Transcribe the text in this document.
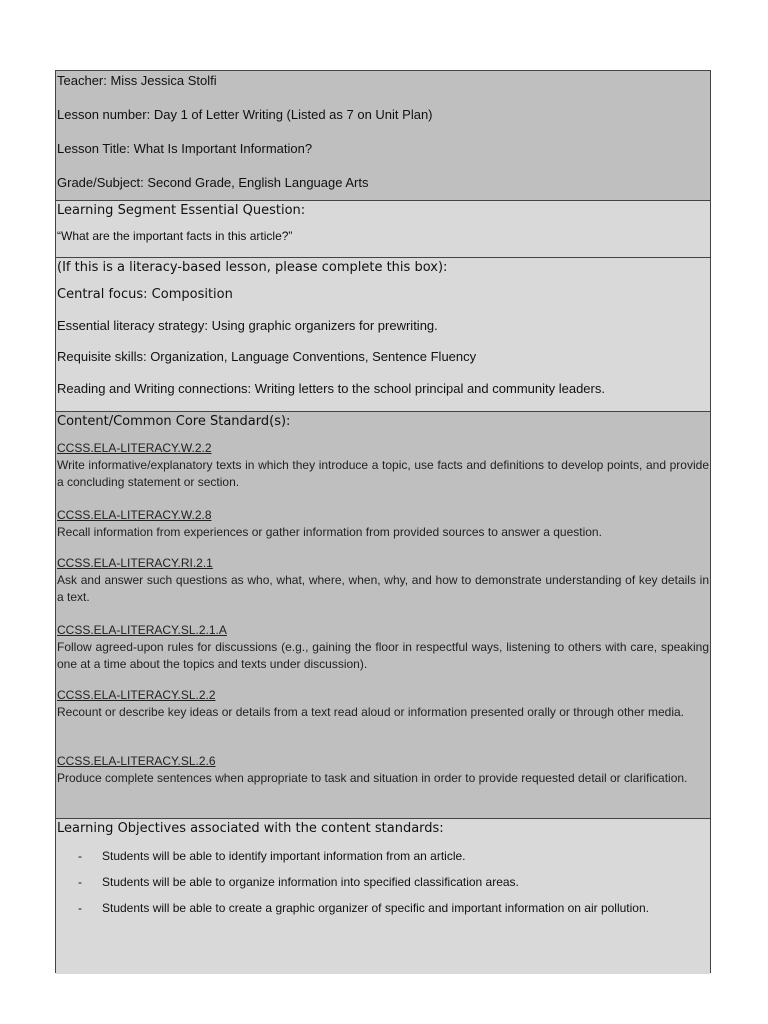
Teacher: Miss Jessica Stolfi
Lesson number: Day 1 of Letter Writing (Listed as 7 on Unit Plan)
Lesson Title: What Is Important Information?
Grade/Subject: Second Grade, English Language Arts
Learning Segment Essential Question:
“What are the important facts in this article?”
(If this is a literacy-based lesson, please complete this box):
Central focus: Composition
Essential literacy strategy: Using graphic organizers for prewriting.
Requisite skills: Organization, Language Conventions, Sentence Fluency
Reading and Writing connections: Writing letters to the school principal and community leaders.
Content/Common Core Standard(s):
CCSS.ELA-LITERACY.W.2.2
Write informative/explanatory texts in which they introduce a topic, use facts and definitions to develop points, and provide a concluding statement or section.
CCSS.ELA-LITERACY.W.2.8
Recall information from experiences or gather information from provided sources to answer a question.
CCSS.ELA-LITERACY.RI.2.1
Ask and answer such questions as who, what, where, when, why, and how to demonstrate understanding of key details in a text.
CCSS.ELA-LITERACY.SL.2.1.A
Follow agreed-upon rules for discussions (e.g., gaining the floor in respectful ways, listening to others with care, speaking one at a time about the topics and texts under discussion).
CCSS.ELA-LITERACY.SL.2.2
Recount or describe key ideas or details from a text read aloud or information presented orally or through other media.
CCSS.ELA-LITERACY.SL.2.6
Produce complete sentences when appropriate to task and situation in order to provide requested detail or clarification.
Learning Objectives associated with the content standards:
- Students will be able to identify important information from an article.
- Students will be able to organize information into specified classification areas.
- Students will be able to create a graphic organizer of specific and important information on air pollution.
